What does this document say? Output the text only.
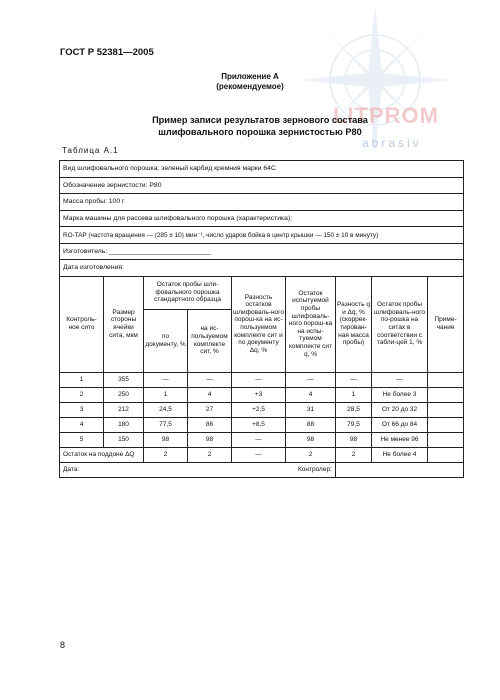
ГОСТ Р 52381—2005
LITPROM
abrasiv
Приложение А
(рекомендуемое)
Пример записи результатов зернового состава
шлифовального порошка зернистостью Р80
Таблица А.1
Вид шлифовального порошка: зеленый карбид кремния марки 64С								
Обозначение зернистости: Р80								
Масса пробы: 100 г								
Марка машины для рассева шлифовального порошка (характеристика):								
RO-TAP (частота вращения — (285 ± 10) мин⁻¹, число ударов бойка в центр крышки — 150 ± 10 в минуту)								
Изготовитель: ___________________________								
Дата изготовления:								
Контроль-ное сито	Размер стороны ячейки сита, мкм	Остаток пробы шли-фовального порошка стандартного образца		Разность остатков шлифоваль-ного порош-ка на ис-пользуемом комплекте сит и по документу Δq, %	Остаток испытуемой пробы шлифоваль-ного порош-ка на испы-туемом комплекте сит q, %	Разность q и Δq, % (скоррек-тирован-ная масса пробы)	Остаток пробы шлифоваль-ного по-рошка на ситах в соответствии с табли-цей 1, %	Приме-чание
		по документу, %	на ис-пользуемом комплекте сит, %					
1	355	—	—	—	—	—	—	
2	250	1	4	+3	4	1	Не более 3	
3	212	24,5	27	+2,5	31	28,5	От 20 до 32	
4	180	77,5	86	+8,5	88	79,5	От 66 до 84	
5	150	98	98	—	98	98	Не менее 96	
Остаток на поддоне ΔQ		2	2	—	2	2	Не более 4	
Дата:						Контролер:		
8
